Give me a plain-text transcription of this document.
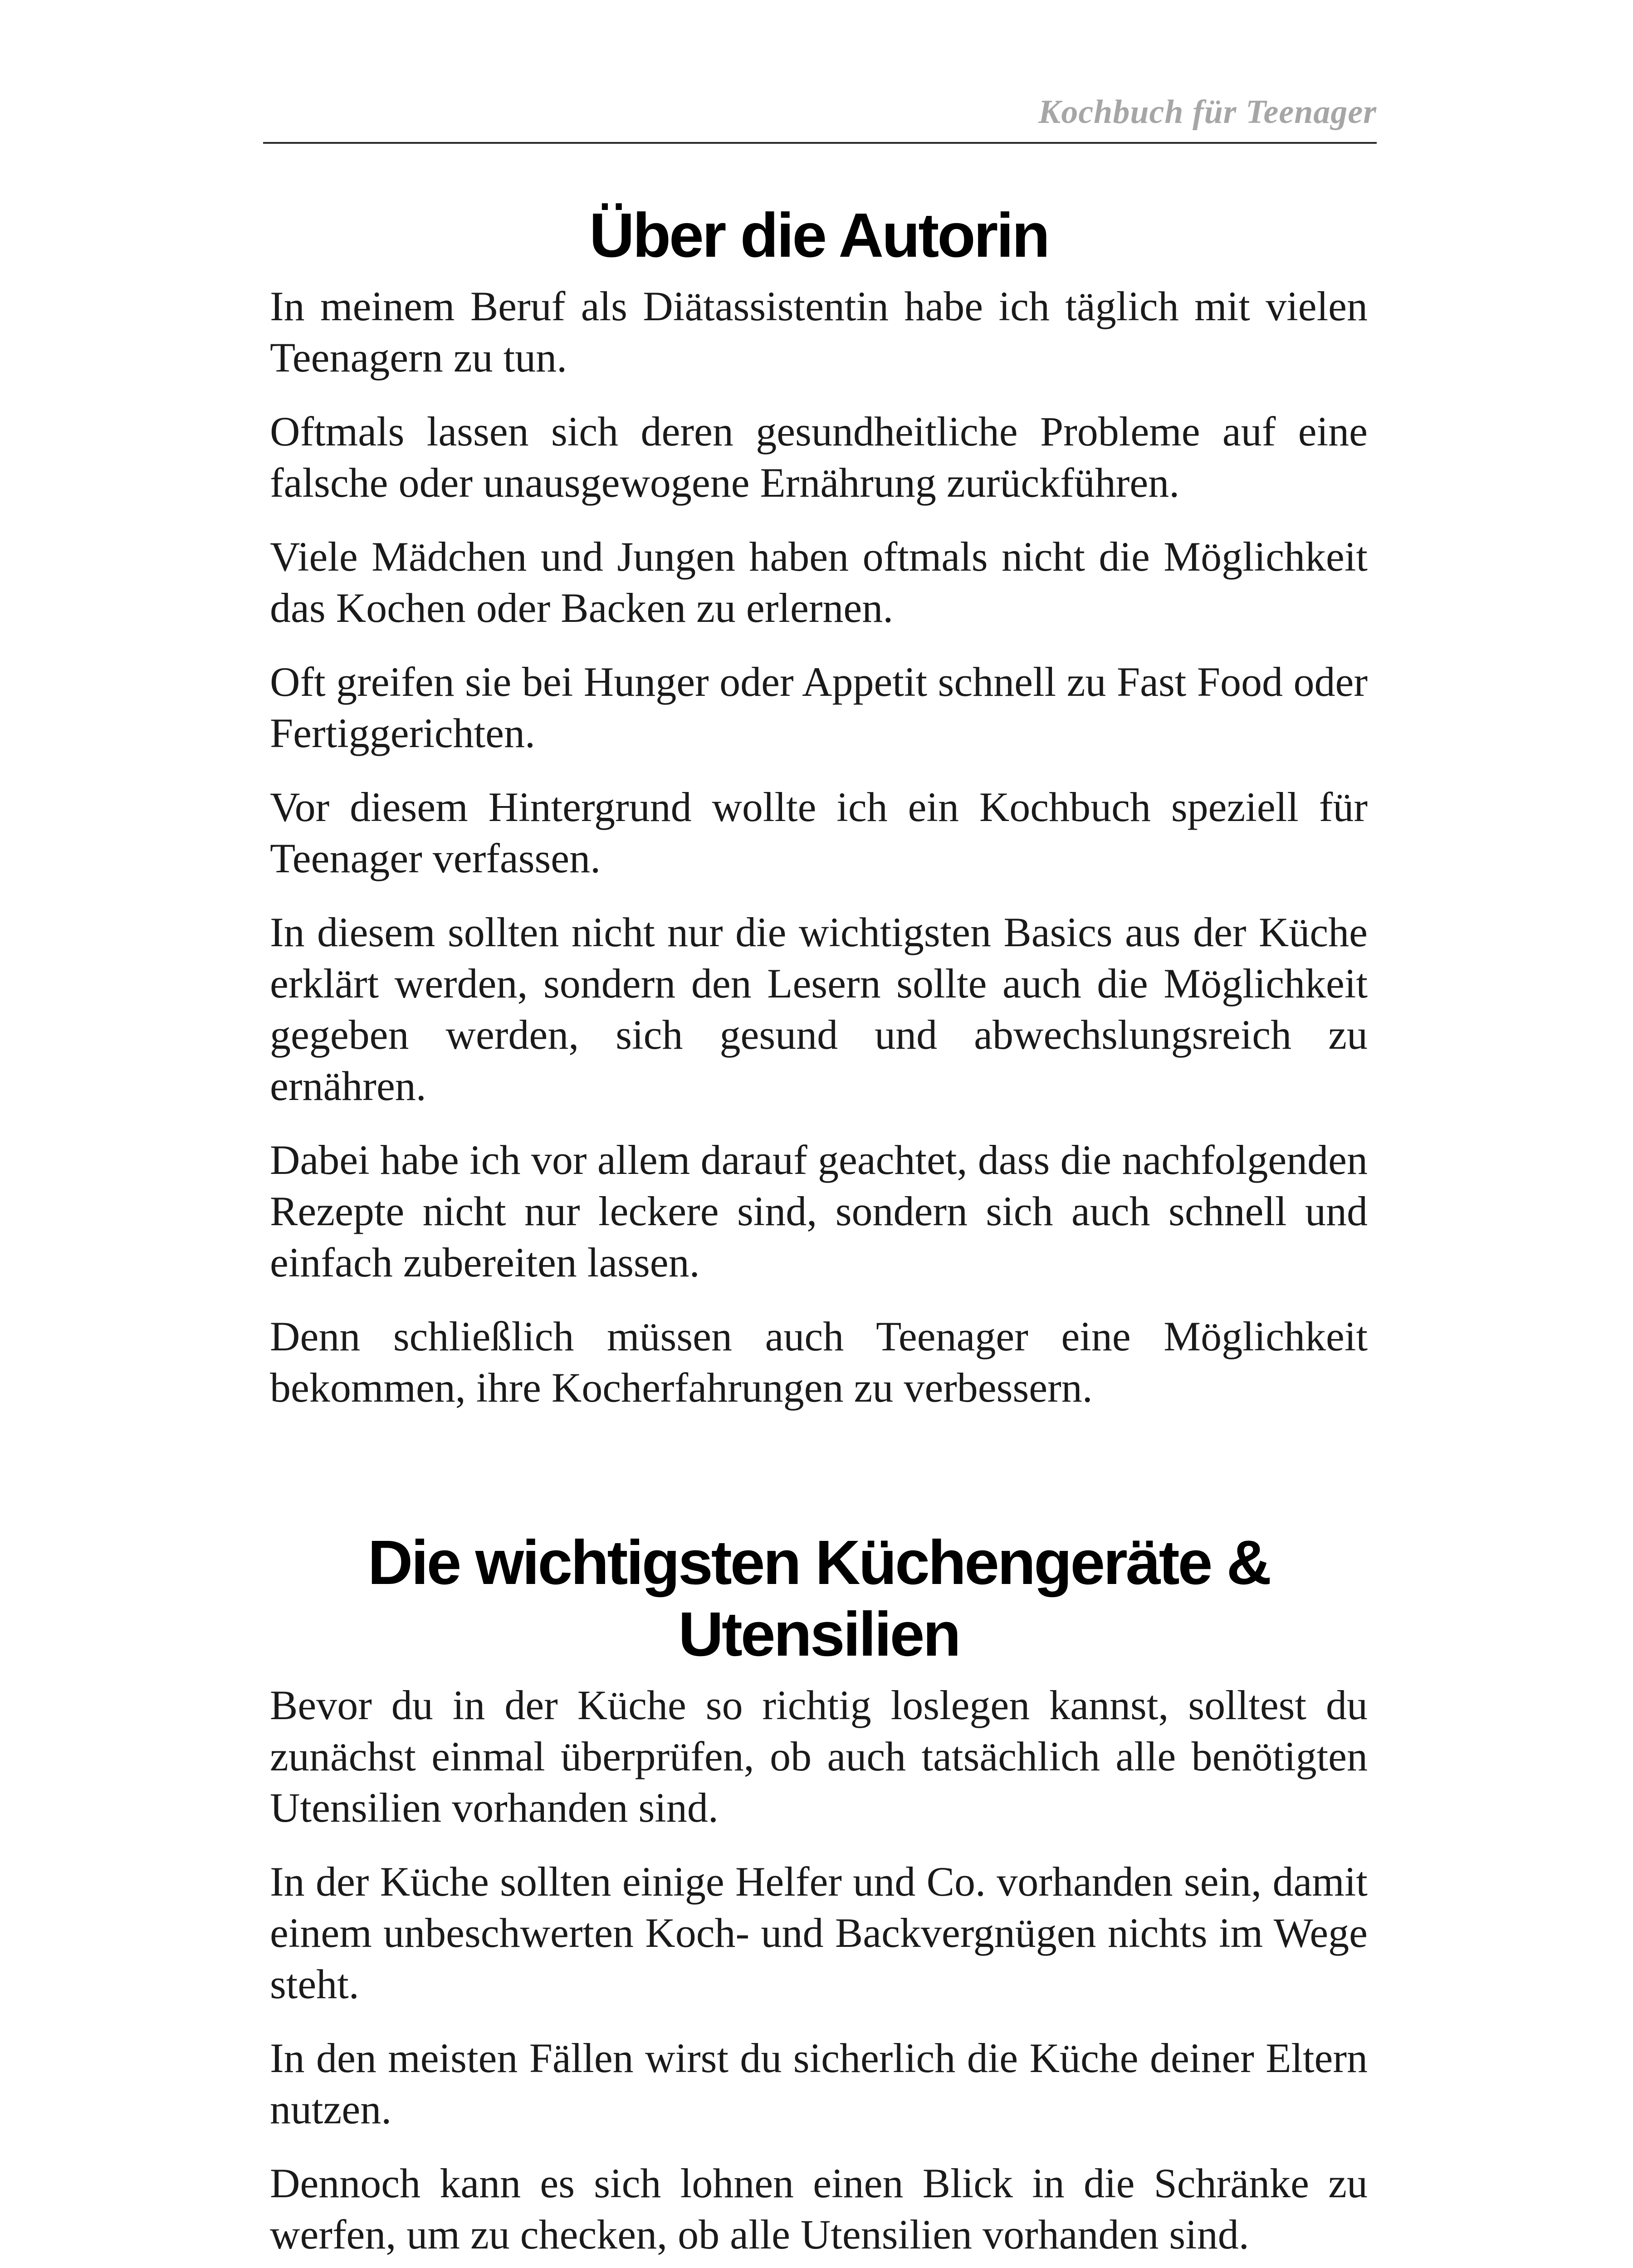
Kochbuch für Teenager
Über die Autorin

In meinem Beruf als Diätassistentin habe ich täglich mit vielen Teenagern zu tun.

Oftmals lassen sich deren gesundheitliche Probleme auf eine falsche oder unausgewogene Ernährung zurückführen.

Viele Mädchen und Jungen haben oftmals nicht die Möglichkeit das Kochen oder Backen zu erlernen.

Oft greifen sie bei Hunger oder Appetit schnell zu Fast Food oder Fertiggerichten.

Vor diesem Hintergrund wollte ich ein Kochbuch speziell für Teenager verfassen.

In diesem sollten nicht nur die wichtigsten Basics aus der Küche erklärt werden, sondern den Lesern sollte auch die Möglichkeit gegeben werden, sich gesund und abwechslungsreich zu ernähren.

Dabei habe ich vor allem darauf geachtet, dass die nachfolgenden Rezepte nicht nur leckere sind, sondern sich auch schnell und einfach zubereiten lassen.

Denn schließlich müssen auch Teenager eine Möglichkeit bekommen, ihre Kocherfahrungen zu verbessern.

Die wichtigsten Küchengeräte & Utensilien

Bevor du in der Küche so richtig loslegen kannst, solltest du zunächst einmal überprüfen, ob auch tatsächlich alle benötigten Utensilien vorhanden sind.

In der Küche sollten einige Helfer und Co. vorhanden sein, damit einem unbeschwerten Koch- und Backvergnügen nichts im Wege steht.

In den meisten Fällen wirst du sicherlich die Küche deiner Eltern nutzen.

Dennoch kann es sich lohnen einen Blick in die Schränke zu werfen, um zu checken, ob alle Utensilien vorhanden sind.
